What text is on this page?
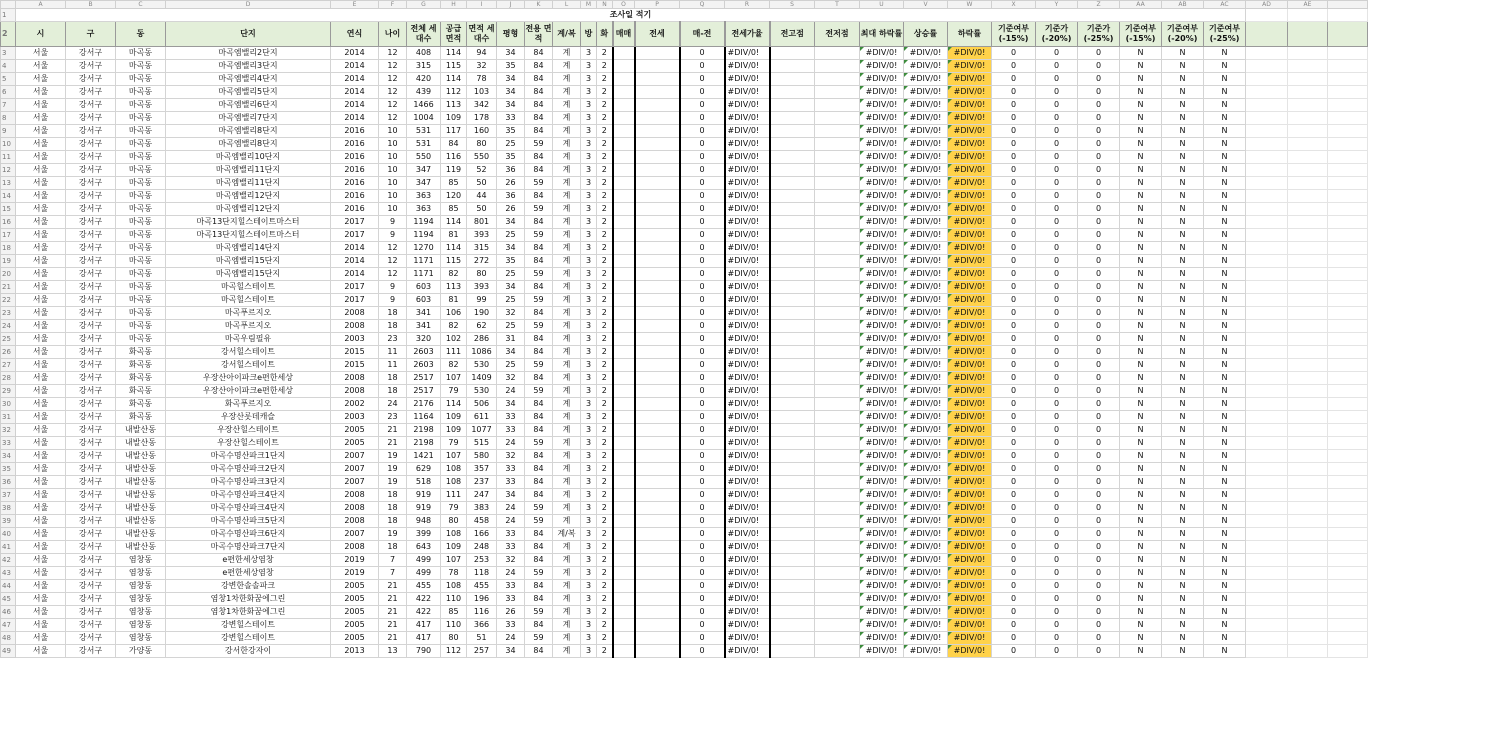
	A	B	C	D	E	F	G	H	I	J	K	L	M	N	O	P	Q	R	S	T	U	V	W	X	Y	Z	AA	AB	AC	AD	AE	
1	조사일 적기																															
2	시	구	동	단지	연식	나이	전체 세대수	공급 면적	면적 세대수	평형	전용 면적	계/복	방	화	매매	전세	매-전	전세가율	전고점	전저점	최대 하락률	상승률	하락률	기준여부 (-15%)	기준가 (-20%)	기준가 (-25%)	기준여부 (-15%)	기준여부 (-20%)	기준여부 (-25%)			
3	서울	강서구	마곡동	마곡엠밸리2단지	2014	12	408	114	94	34	84	계	3	2			0	#DIV/0!			#DIV/0!	#DIV/0!	#DIV/0!	0	0	0	N	N	N			
4	서울	강서구	마곡동	마곡엠밸리3단지	2014	12	315	115	32	35	84	계	3	2			0	#DIV/0!			#DIV/0!	#DIV/0!	#DIV/0!	0	0	0	N	N	N			
5	서울	강서구	마곡동	마곡엠밸리4단지	2014	12	420	114	78	34	84	계	3	2			0	#DIV/0!			#DIV/0!	#DIV/0!	#DIV/0!	0	0	0	N	N	N			
6	서울	강서구	마곡동	마곡엠밸리5단지	2014	12	439	112	103	34	84	계	3	2			0	#DIV/0!			#DIV/0!	#DIV/0!	#DIV/0!	0	0	0	N	N	N			
7	서울	강서구	마곡동	마곡엠밸리6단지	2014	12	1466	113	342	34	84	계	3	2			0	#DIV/0!			#DIV/0!	#DIV/0!	#DIV/0!	0	0	0	N	N	N			
8	서울	강서구	마곡동	마곡엠밸리7단지	2014	12	1004	109	178	33	84	계	3	2			0	#DIV/0!			#DIV/0!	#DIV/0!	#DIV/0!	0	0	0	N	N	N			
9	서울	강서구	마곡동	마곡엠밸리8단지	2016	10	531	117	160	35	84	계	3	2			0	#DIV/0!			#DIV/0!	#DIV/0!	#DIV/0!	0	0	0	N	N	N			
10	서울	강서구	마곡동	마곡엠밸리8단지	2016	10	531	84	80	25	59	계	3	2			0	#DIV/0!			#DIV/0!	#DIV/0!	#DIV/0!	0	0	0	N	N	N			
11	서울	강서구	마곡동	마곡엠밸리10단지	2016	10	550	116	550	35	84	계	3	2			0	#DIV/0!			#DIV/0!	#DIV/0!	#DIV/0!	0	0	0	N	N	N			
12	서울	강서구	마곡동	마곡엠밸리11단지	2016	10	347	119	52	36	84	계	3	2			0	#DIV/0!			#DIV/0!	#DIV/0!	#DIV/0!	0	0	0	N	N	N			
13	서울	강서구	마곡동	마곡엠밸리11단지	2016	10	347	85	50	26	59	계	3	2			0	#DIV/0!			#DIV/0!	#DIV/0!	#DIV/0!	0	0	0	N	N	N			
14	서울	강서구	마곡동	마곡엠밸리12단지	2016	10	363	120	44	36	84	계	3	2			0	#DIV/0!			#DIV/0!	#DIV/0!	#DIV/0!	0	0	0	N	N	N			
15	서울	강서구	마곡동	마곡엠밸리12단지	2016	10	363	85	50	26	59	계	3	2			0	#DIV/0!			#DIV/0!	#DIV/0!	#DIV/0!	0	0	0	N	N	N			
16	서울	강서구	마곡동	마곡13단지힐스테이트마스터	2017	9	1194	114	801	34	84	계	3	2			0	#DIV/0!			#DIV/0!	#DIV/0!	#DIV/0!	0	0	0	N	N	N			
17	서울	강서구	마곡동	마곡13단지힐스테이트마스터	2017	9	1194	81	393	25	59	계	3	2			0	#DIV/0!			#DIV/0!	#DIV/0!	#DIV/0!	0	0	0	N	N	N			
18	서울	강서구	마곡동	마곡엠밸리14단지	2014	12	1270	114	315	34	84	계	3	2			0	#DIV/0!			#DIV/0!	#DIV/0!	#DIV/0!	0	0	0	N	N	N			
19	서울	강서구	마곡동	마곡엠밸리15단지	2014	12	1171	115	272	35	84	계	3	2			0	#DIV/0!			#DIV/0!	#DIV/0!	#DIV/0!	0	0	0	N	N	N			
20	서울	강서구	마곡동	마곡엠밸리15단지	2014	12	1171	82	80	25	59	계	3	2			0	#DIV/0!			#DIV/0!	#DIV/0!	#DIV/0!	0	0	0	N	N	N			
21	서울	강서구	마곡동	마곡힐스테이트	2017	9	603	113	393	34	84	계	3	2			0	#DIV/0!			#DIV/0!	#DIV/0!	#DIV/0!	0	0	0	N	N	N			
22	서울	강서구	마곡동	마곡힐스테이트	2017	9	603	81	99	25	59	계	3	2			0	#DIV/0!			#DIV/0!	#DIV/0!	#DIV/0!	0	0	0	N	N	N			
23	서울	강서구	마곡동	마곡푸르지오	2008	18	341	106	190	32	84	계	3	2			0	#DIV/0!			#DIV/0!	#DIV/0!	#DIV/0!	0	0	0	N	N	N			
24	서울	강서구	마곡동	마곡푸르지오	2008	18	341	82	62	25	59	계	3	2			0	#DIV/0!			#DIV/0!	#DIV/0!	#DIV/0!	0	0	0	N	N	N			
25	서울	강서구	마곡동	마곡우림필유	2003	23	320	102	286	31	84	계	3	2			0	#DIV/0!			#DIV/0!	#DIV/0!	#DIV/0!	0	0	0	N	N	N			
26	서울	강서구	화곡동	강서힐스테이트	2015	11	2603	111	1086	34	84	계	3	2			0	#DIV/0!			#DIV/0!	#DIV/0!	#DIV/0!	0	0	0	N	N	N			
27	서울	강서구	화곡동	강서힐스테이트	2015	11	2603	82	530	25	59	계	3	2			0	#DIV/0!			#DIV/0!	#DIV/0!	#DIV/0!	0	0	0	N	N	N			
28	서울	강서구	화곡동	우장산아이파크e편한세상	2008	18	2517	107	1409	32	84	계	3	2			0	#DIV/0!			#DIV/0!	#DIV/0!	#DIV/0!	0	0	0	N	N	N			
29	서울	강서구	화곡동	우장산아이파크e편한세상	2008	18	2517	79	530	24	59	계	3	2			0	#DIV/0!			#DIV/0!	#DIV/0!	#DIV/0!	0	0	0	N	N	N			
30	서울	강서구	화곡동	화곡푸르지오	2002	24	2176	114	506	34	84	계	3	2			0	#DIV/0!			#DIV/0!	#DIV/0!	#DIV/0!	0	0	0	N	N	N			
31	서울	강서구	화곡동	우장산롯데캐슬	2003	23	1164	109	611	33	84	계	3	2			0	#DIV/0!			#DIV/0!	#DIV/0!	#DIV/0!	0	0	0	N	N	N			
32	서울	강서구	내발산동	우장산힐스테이트	2005	21	2198	109	1077	33	84	계	3	2			0	#DIV/0!			#DIV/0!	#DIV/0!	#DIV/0!	0	0	0	N	N	N			
33	서울	강서구	내발산동	우장산힐스테이트	2005	21	2198	79	515	24	59	계	3	2			0	#DIV/0!			#DIV/0!	#DIV/0!	#DIV/0!	0	0	0	N	N	N			
34	서울	강서구	내발산동	마곡수명산파크1단지	2007	19	1421	107	580	32	84	계	3	2			0	#DIV/0!			#DIV/0!	#DIV/0!	#DIV/0!	0	0	0	N	N	N			
35	서울	강서구	내발산동	마곡수명산파크2단지	2007	19	629	108	357	33	84	계	3	2			0	#DIV/0!			#DIV/0!	#DIV/0!	#DIV/0!	0	0	0	N	N	N			
36	서울	강서구	내발산동	마곡수명산파크3단지	2007	19	518	108	237	33	84	계	3	2			0	#DIV/0!			#DIV/0!	#DIV/0!	#DIV/0!	0	0	0	N	N	N			
37	서울	강서구	내발산동	마곡수명산파크4단지	2008	18	919	111	247	34	84	계	3	2			0	#DIV/0!			#DIV/0!	#DIV/0!	#DIV/0!	0	0	0	N	N	N			
38	서울	강서구	내발산동	마곡수명산파크4단지	2008	18	919	79	383	24	59	계	3	2			0	#DIV/0!			#DIV/0!	#DIV/0!	#DIV/0!	0	0	0	N	N	N			
39	서울	강서구	내발산동	마곡수명산파크5단지	2008	18	948	80	458	24	59	계	3	2			0	#DIV/0!			#DIV/0!	#DIV/0!	#DIV/0!	0	0	0	N	N	N			
40	서울	강서구	내발산동	마곡수명산파크6단지	2007	19	399	108	166	33	84	계/복	3	2			0	#DIV/0!			#DIV/0!	#DIV/0!	#DIV/0!	0	0	0	N	N	N			
41	서울	강서구	내발산동	마곡수명산파크7단지	2008	18	643	109	248	33	84	계	3	2			0	#DIV/0!			#DIV/0!	#DIV/0!	#DIV/0!	0	0	0	N	N	N			
42	서울	강서구	염창동	e편한세상염창	2019	7	499	107	253	32	84	계	3	2			0	#DIV/0!			#DIV/0!	#DIV/0!	#DIV/0!	0	0	0	N	N	N			
43	서울	강서구	염창동	e편한세상염창	2019	7	499	78	118	24	59	계	3	2			0	#DIV/0!			#DIV/0!	#DIV/0!	#DIV/0!	0	0	0	N	N	N			
44	서울	강서구	염창동	강변한솔솔파크	2005	21	455	108	455	33	84	계	3	2			0	#DIV/0!			#DIV/0!	#DIV/0!	#DIV/0!	0	0	0	N	N	N			
45	서울	강서구	염창동	염창1차한화꿈에그린	2005	21	422	110	196	33	84	계	3	2			0	#DIV/0!			#DIV/0!	#DIV/0!	#DIV/0!	0	0	0	N	N	N			
46	서울	강서구	염창동	염창1차한화꿈에그린	2005	21	422	85	116	26	59	계	3	2			0	#DIV/0!			#DIV/0!	#DIV/0!	#DIV/0!	0	0	0	N	N	N			
47	서울	강서구	염창동	강변힐스테이트	2005	21	417	110	366	33	84	계	3	2			0	#DIV/0!			#DIV/0!	#DIV/0!	#DIV/0!	0	0	0	N	N	N			
48	서울	강서구	염창동	강변힐스테이트	2005	21	417	80	51	24	59	계	3	2			0	#DIV/0!			#DIV/0!	#DIV/0!	#DIV/0!	0	0	0	N	N	N			
49	서울	강서구	가양동	강서한강자이	2013	13	790	112	257	34	84	계	3	2			0	#DIV/0!			#DIV/0!	#DIV/0!	#DIV/0!	0	0	0	N	N	N			
